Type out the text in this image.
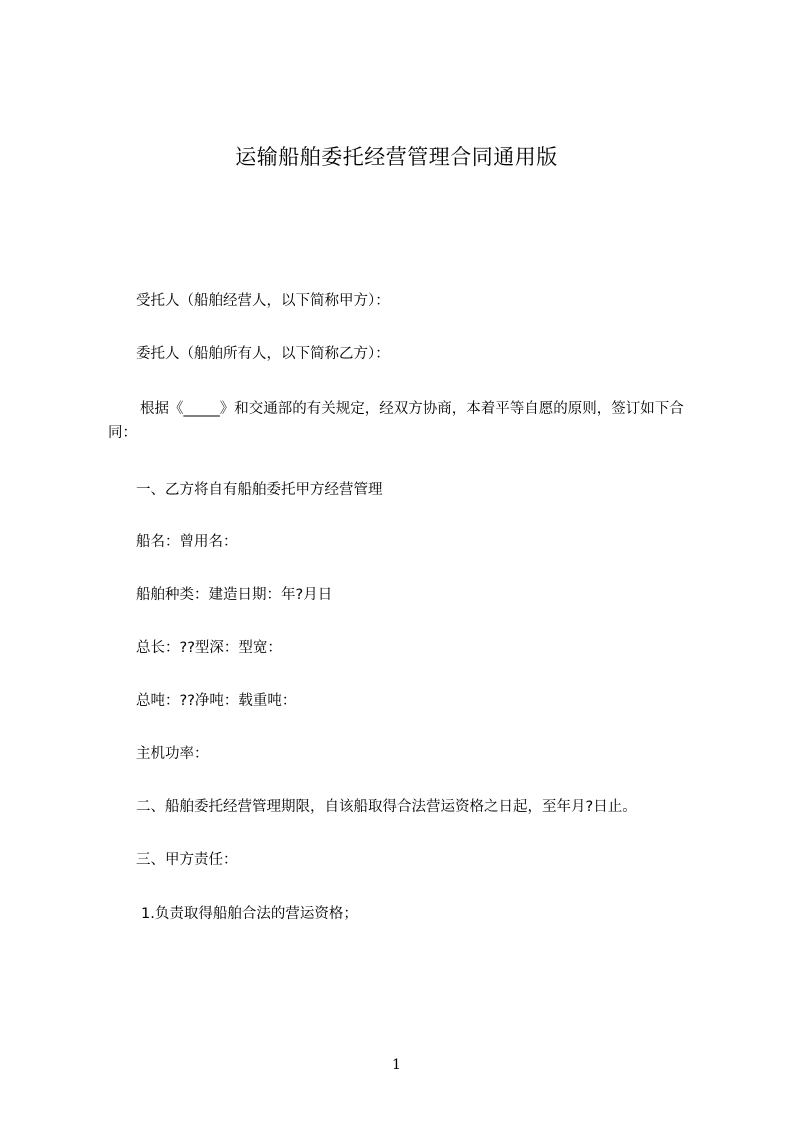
运输船舶委托经营管理合同通用版
受托人（船舶经营人，以下简称甲方）：
委托人（船舶所有人，以下简称乙方）：
根据《_____》和交通部的有关规定，经双方协商，本着平等自愿的原则，签订如下合同：
一、乙方将自有船舶委托甲方经营管理
船名：曾用名：
船舶种类：建造日期：年?月日
总长：??型深：型宽：
总吨：??净吨：载重吨：
主机功率：
二、船舶委托经营管理期限，自该船取得合法营运资格之日起，至年月?日止。
三、甲方责任：
1.负责取得船舶合法的营运资格；
1
